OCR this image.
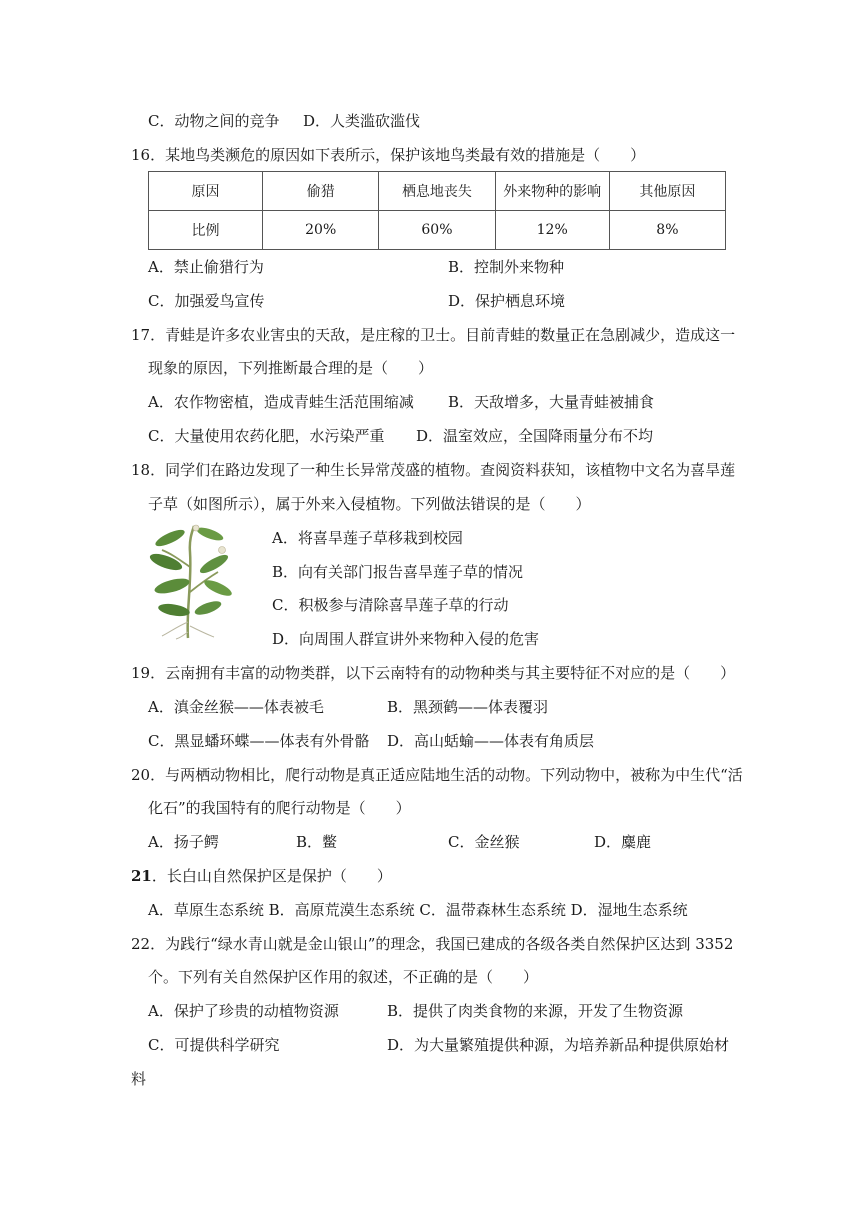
C．动物之间的竞争 D．人类滥砍滥伐
16．某地鸟类濒危的原因如下表所示，保护该地鸟类最有效的措施是（　　）
原因	偷猎	栖息地丧失	外来物种的影响	其他原因
比例	20%	60%	12%	8%
A．禁止偷猎行为	B．控制外来物种
C．加强爱鸟宣传	D．保护栖息环境
17．青蛙是许多农业害虫的天敌，是庄稼的卫士。目前青蛙的数量正在急剧减少，造成这一
现象的原因，下列推断最合理的是（　　）
A．农作物密植，造成青蛙生活范围缩减 B．天敌增多，大量青蛙被捕食
C．大量使用农药化肥，水污染严重 D．温室效应，全国降雨量分布不均
18．同学们在路边发现了一种生长异常茂盛的植物。查阅资料获知，该植物中文名为喜旱莲
子草（如图所示），属于外来入侵植物。下列做法错误的是（　　）
A．将喜旱莲子草移栽到校园
B．向有关部门报告喜旱莲子草的情况
C．积极参与清除喜旱莲子草的行动
D．向周围人群宣讲外来物种入侵的危害
19．云南拥有丰富的动物类群，以下云南特有的动物种类与其主要特征不对应的是（　　）
A．滇金丝猴——体表被毛	B．黑颈鹤——体表覆羽
C．黑显蟠环蝶——体表有外骨骼 D．高山蛞蝓——体表有角质层
20．与两栖动物相比，爬行动物是真正适应陆地生活的动物。下列动物中，被称为中生代“活
化石”的我国特有的爬行动物是（　　）
A．扬子鳄	B．鳖	C．金丝猴	D．麋鹿
21．长白山自然保护区是保护（　　）
A．草原生态系统 B．高原荒漠生态系统 C．温带森林生态系统 D．湿地生态系统
22．为践行“绿水青山就是金山银山”的理念，我国已建成的各级各类自然保护区达到 3352
个。下列有关自然保护区作用的叙述，不正确的是（　　）
A．保护了珍贵的动植物资源	B．提供了肉类食物的来源，开发了生物资源
C．可提供科学研究	D．为大量繁殖提供种源，为培养新品种提供原始材
料
